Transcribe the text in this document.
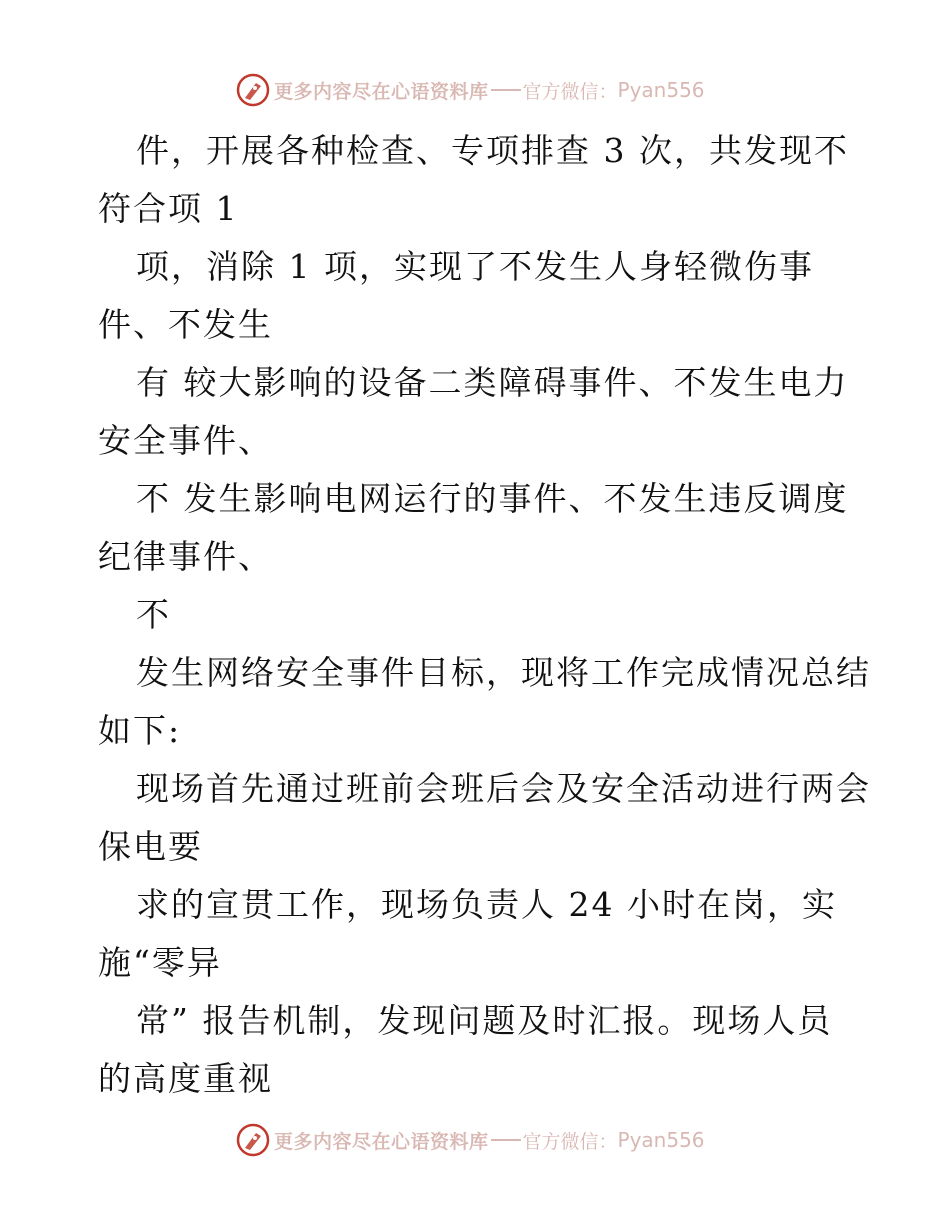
更多内容尽在心语资料库 官方微信： Pyan556
件，开展各种检查、专项排查 3 次，共发现不
符合项 1
项，消除 1 项，实现了不发生人身轻微伤事
件、不发生
有 较大影响的设备二类障碍事件、不发生电力
安全事件、
不 发生影响电网运行的事件、不发生违反调度
纪律事件、
不
发生网络安全事件目标，现将工作完成情况总结
如下:
现场首先通过班前会班后会及安全活动进行两会
保电要
求的宣贯工作，现场负责人 24 小时在岗，实
施“零异
常” 报告机制，发现问题及时汇报。现场人员
的高度重视
更多内容尽在心语资料库 官方微信： Pyan556
